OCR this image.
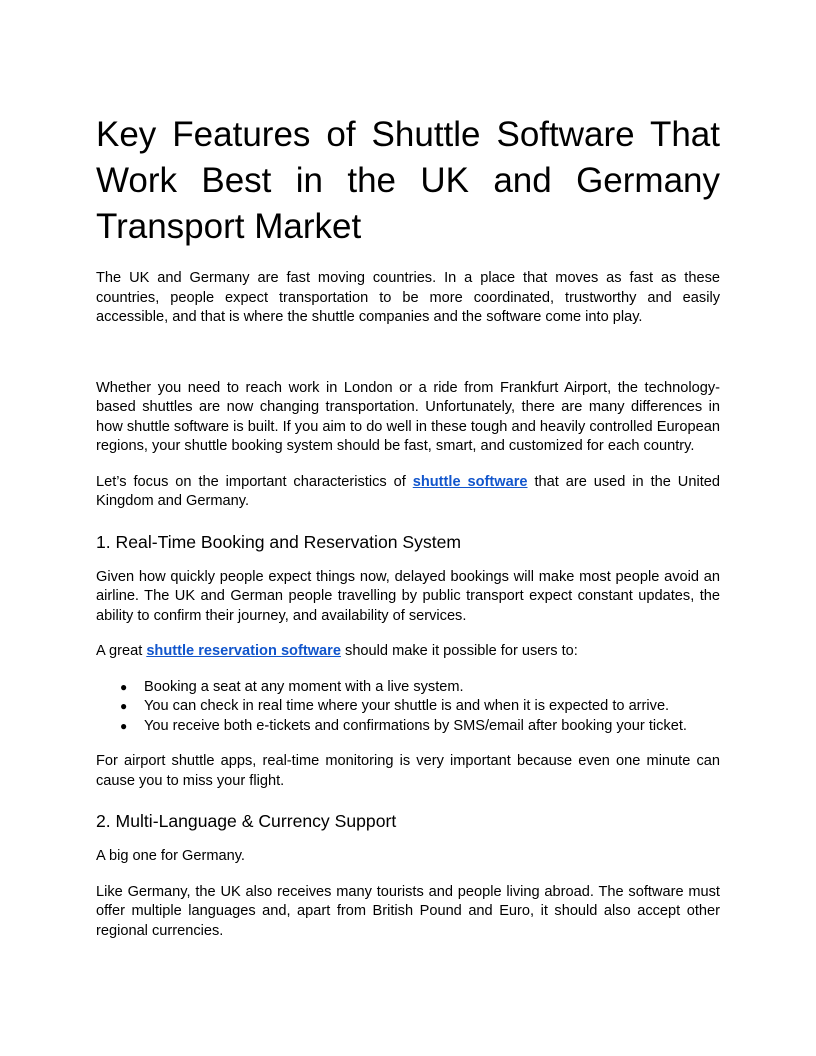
Key Features of Shuttle Software That Work Best in the UK and Germany Transport Market

The UK and Germany are fast moving countries. In a place that moves as fast as these countries, people expect transportation to be more coordinated, trustworthy and easily accessible, and that is where the shuttle companies and the software come into play.

Whether you need to reach work in London or a ride from Frankfurt Airport, the technology-based shuttles are now changing transportation. Unfortunately, there are many differences in how shuttle software is built. If you aim to do well in these tough and heavily controlled European regions, your shuttle booking system should be fast, smart, and customized for each country.

Let’s focus on the important characteristics of shuttle software that are used in the United Kingdom and Germany.

1. Real-Time Booking and Reservation System

Given how quickly people expect things now, delayed bookings will make most people avoid an airline. The UK and German people travelling by public transport expect constant updates, the ability to confirm their journey, and availability of services.

A great shuttle reservation software should make it possible for users to:

● Booking a seat at any moment with a live system.
● You can check in real time where your shuttle is and when it is expected to arrive.
● You receive both e-tickets and confirmations by SMS/email after booking your ticket.

For airport shuttle apps, real-time monitoring is very important because even one minute can cause you to miss your flight.

2. Multi-Language & Currency Support

A big one for Germany.

Like Germany, the UK also receives many tourists and people living abroad. The software must offer multiple languages and, apart from British Pound and Euro, it should also accept other regional currencies.
